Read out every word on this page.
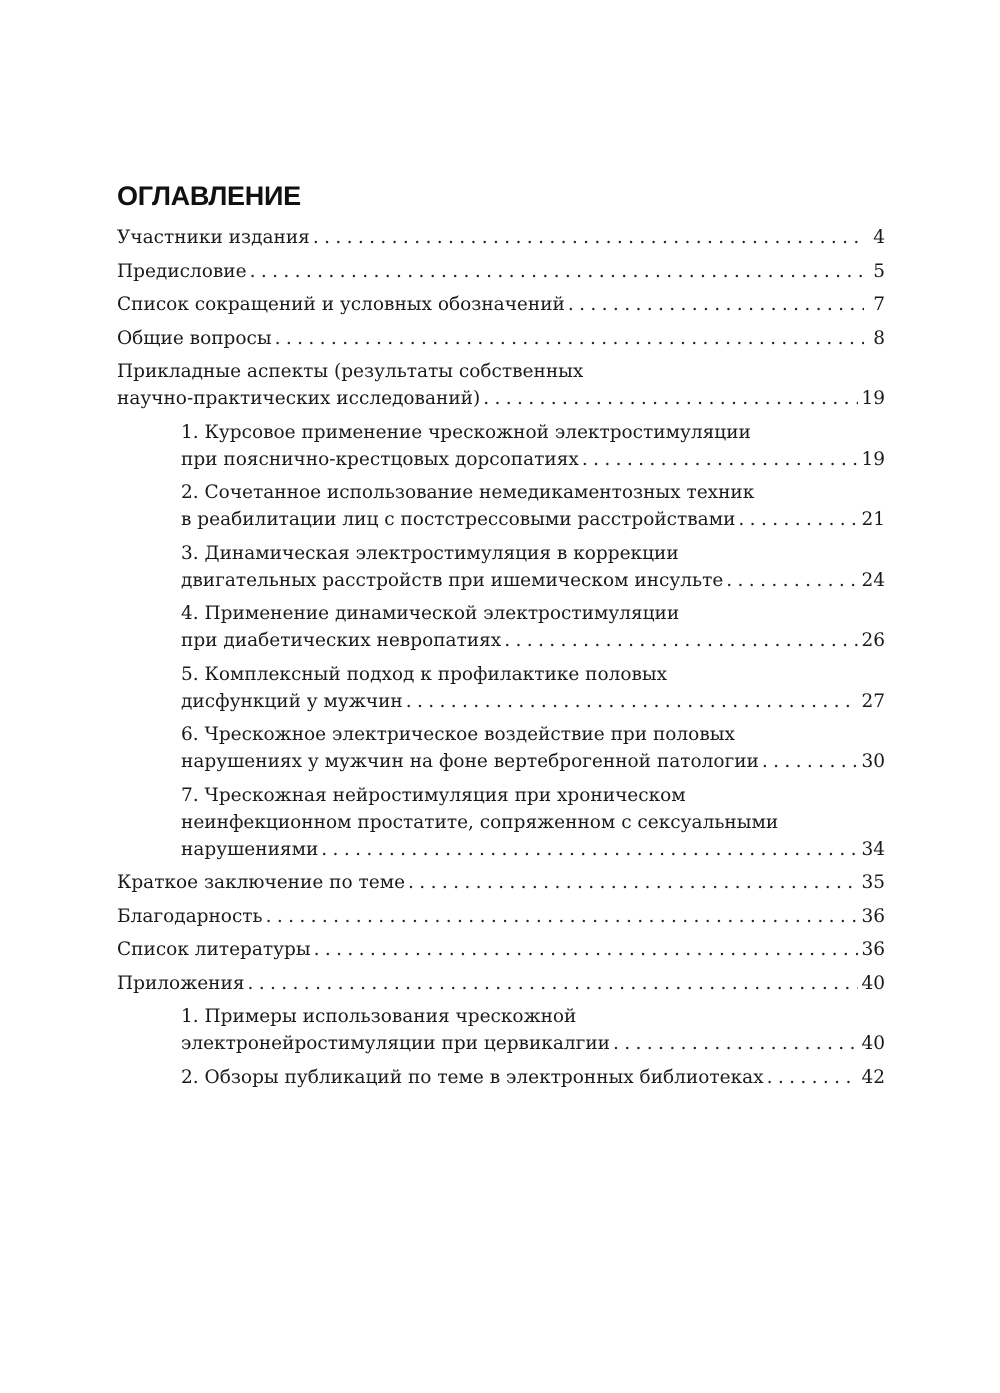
ОГЛАВЛЕНИЕ
Участники издания . . .	4
Предисловие . . .	5
Список сокращений и условных обозначений . . .	7
Общие вопросы . . .	8
Прикладные аспекты (результаты собственных
научно-практических исследований) . . .	19
1. Курсовое применение чрескожной электростимуляции
при пояснично-крестцовых дорсопатиях . . .	19
2. Сочетанное использование немедикаментозных техник
в реабилитации лиц с постстрессовыми расстройствами . . .	21
3. Динамическая электростимуляция в коррекции
двигательных расстройств при ишемическом инсульте . . .	24
4. Применение динамической электростимуляции
при диабетических невропатиях . . .	26
5. Комплексный подход к профилактике половых
дисфункций у мужчин . . .	27
6. Чрескожное электрическое воздействие при половых
нарушениях у мужчин на фоне вертеброгенной патологии . . .	30
7. Чрескожная нейростимуляция при хроническом
неинфекционном простатите, сопряженном с сексуальными
нарушениями . . .	34
Краткое заключение по теме . . .	35
Благодарность . . .	36
Список литературы . . .	36
Приложения . . .	40
1. Примеры использования чрескожной
электронейростимуляции при цервикалгии . . .	40
2. Обзоры публикаций по теме в электронных библиотеках . . .	42
